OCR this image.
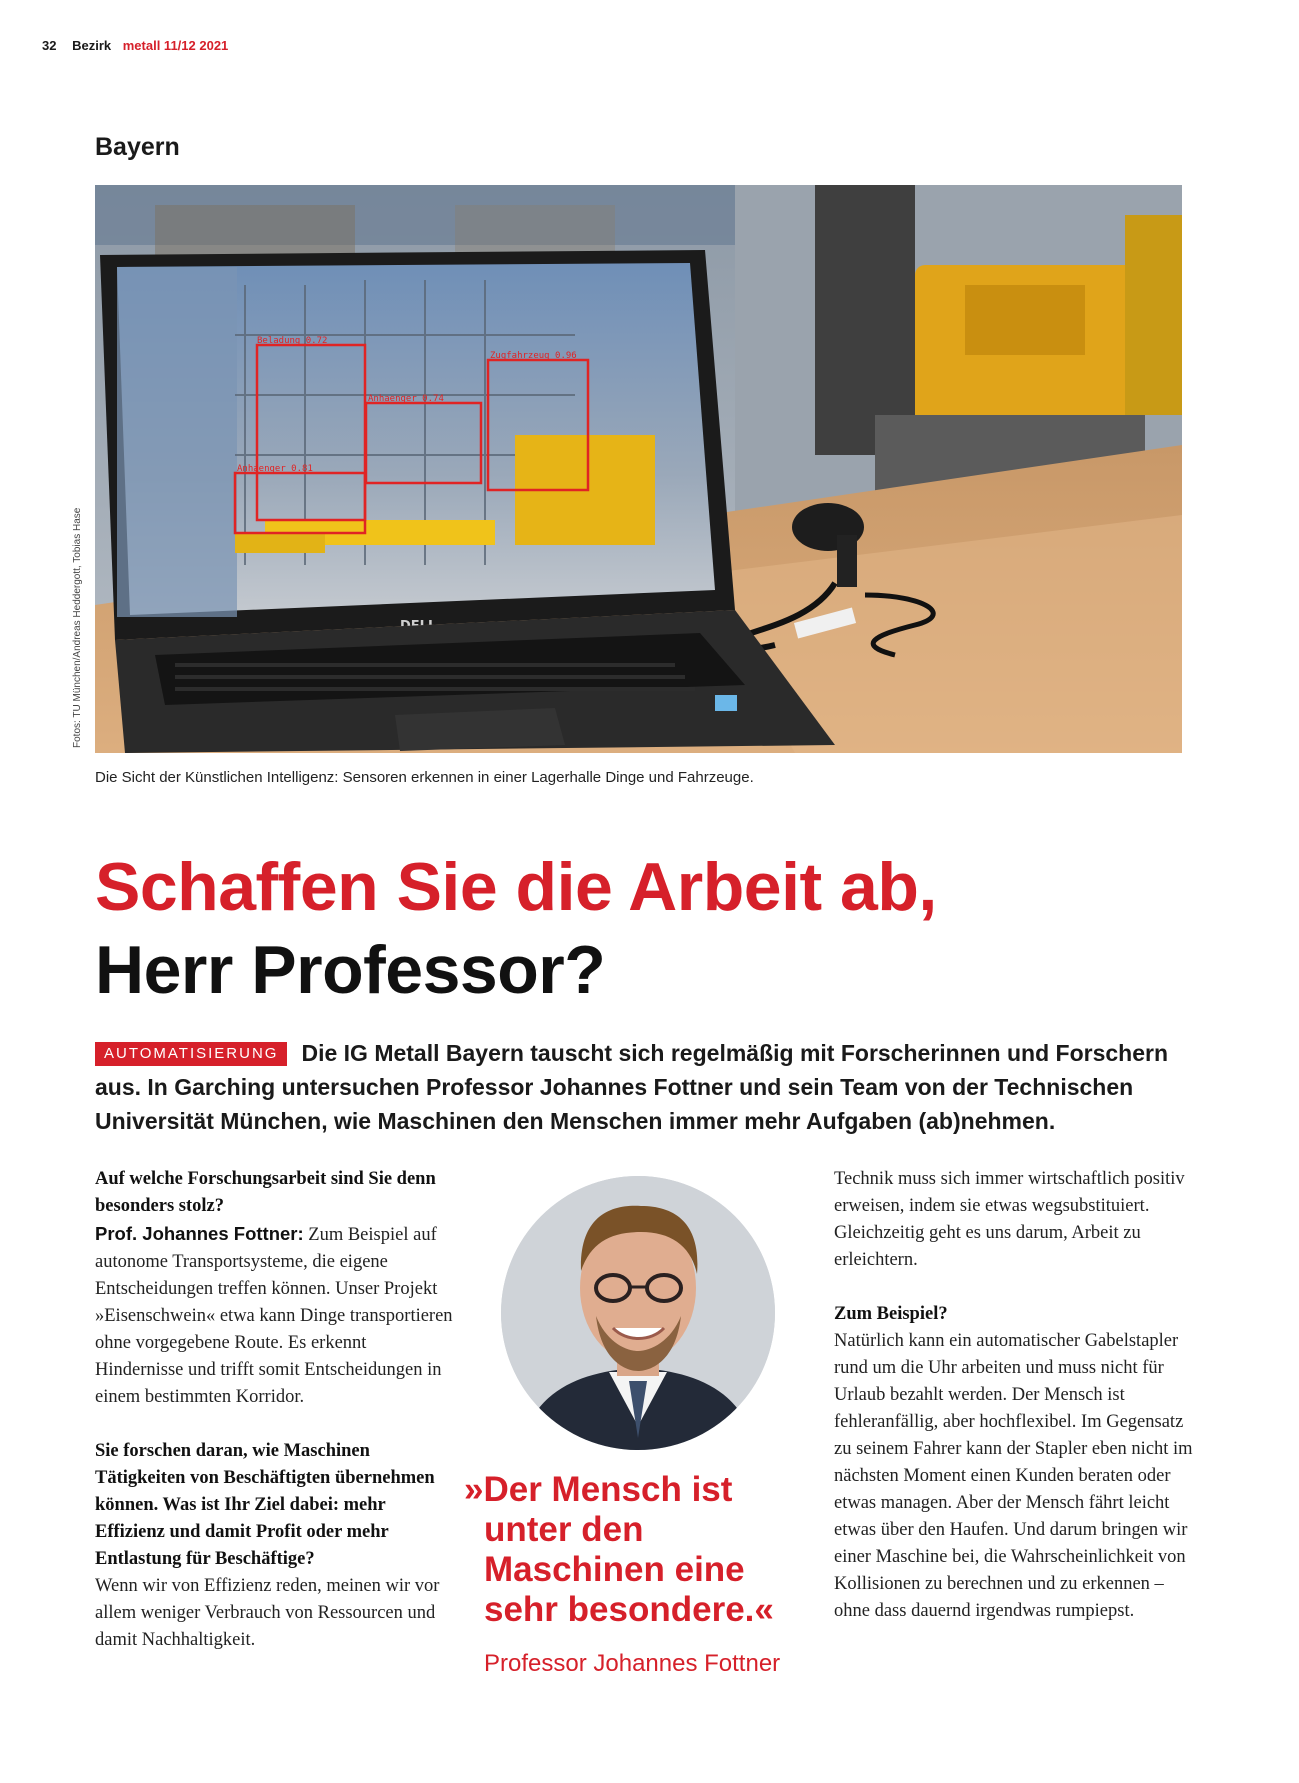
32 Bezirk metall 11/12 2021
Bayern
Fotos: TU München/Andreas Heddergott, Tobias Hase
Beladung 0.72
Zugfahrzeug 0.96
Anhaenger 0.74
Anhaenger 0.81
Die Sicht der Künstlichen Intelligenz: Sensoren erkennen in einer Lagerhalle Dinge und Fahrzeuge.
Schaffen Sie die Arbeit ab,
Herr Professor?
AUTOMATISIERUNG Die IG Metall Bayern tauscht sich regelmäßig mit Forscherinnen und Forschern aus. In Garching untersuchen Professor Johannes Fottner und sein Team von der Technischen Universität München, wie Maschinen den Menschen immer mehr Aufgaben (ab)nehmen.

Auf welche Forschungsarbeit sind Sie denn besonders stolz?
Prof. Johannes Fottner: Zum Beispiel auf autonome Transportsysteme, die eigene Entscheidungen treffen können. Unser Projekt »Eisenschwein« etwa kann Dinge transportieren ohne vorgegebene Route. Es erkennt Hindernisse und trifft somit Entscheidungen in einem bestimmten Korridor.

Sie forschen daran, wie Maschinen Tätigkeiten von Beschäftigten übernehmen können. Was ist Ihr Ziel dabei: mehr Effizienz und damit Profit oder mehr Entlastung für Beschäftige?
Wenn wir von Effizienz reden, meinen wir vor allem weniger Verbrauch von Ressourcen und damit Nachhaltigkeit.

»Der Mensch ist
unter den
Maschinen eine
sehr besondere.«
Professor Johannes Fottner

Technik muss sich immer wirtschaftlich positiv erweisen, indem sie etwas wegsubstituiert. Gleichzeitig geht es uns darum, Arbeit zu erleichtern.

Zum Beispiel?
Natürlich kann ein automatischer Gabelstapler rund um die Uhr arbeiten und muss nicht für Urlaub bezahlt werden. Der Mensch ist fehleranfällig, aber hochflexibel. Im Gegensatz zu seinem Fahrer kann der Stapler eben nicht im nächsten Moment einen Kunden beraten oder etwas managen. Aber der Mensch fährt leicht etwas über den Haufen. Und darum bringen wir einer Maschine bei, die Wahrscheinlichkeit von Kollisionen zu berechnen und zu erkennen – ohne dass dauernd irgendwas rumpiepst.
